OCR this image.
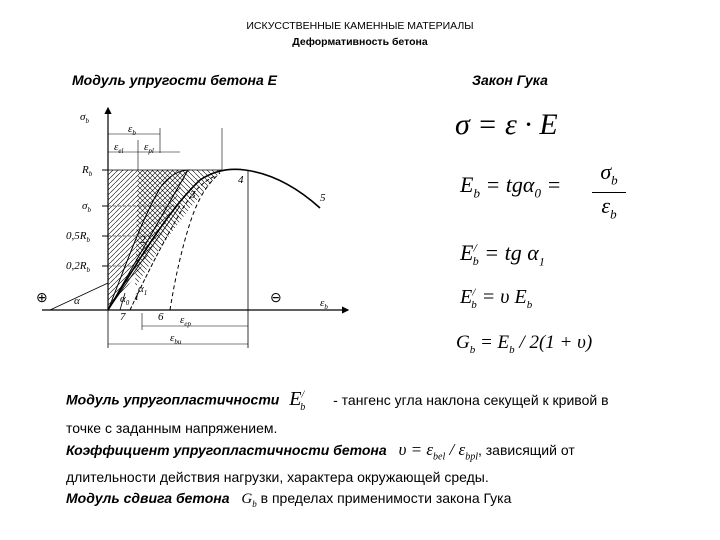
ИСКУССТВЕННЫЕ КАМЕННЫЕ МАТЕРИАЛЫ
Деформативность бетона
Модуль упругости бетона Е	Закон Гука
$\sigma_b$
$\varepsilon_b$
$R_b$
$\sigma_b$
$0,5R_b$
$0,2R_b$
$\varepsilon_b$
$\varepsilon_{el}$ $\varepsilon_{pl}$
$\varepsilon_{ep}$
$\varepsilon_{bu}$
1
2
3
4
5
6
7
α	$\alpha_0$
$\alpha_1$
⊕	⊖
σ = ε · E
$E_b = tg\alpha_0$ =
$\sigma_b$
$\varepsilon_b$
$E^/_b$ = tg $\alpha_1$
$E^/_b = \upsilon$ $E_b$
$G_b = E_b / 2(1 + \upsilon)$
Модуль упругопластичности $E^/_b$ - тангенс угла наклона секущей к кривой в
точке с заданным напряжением.
Коэффициент упругопластичности бетона $\upsilon = \varepsilon_{bel} / \varepsilon_{bpl}$, зависящий от
длительности действия нагрузки, характера окружающей среды.
Модуль сдвига бетона $G_b$ в пределах применимости закона Гука
